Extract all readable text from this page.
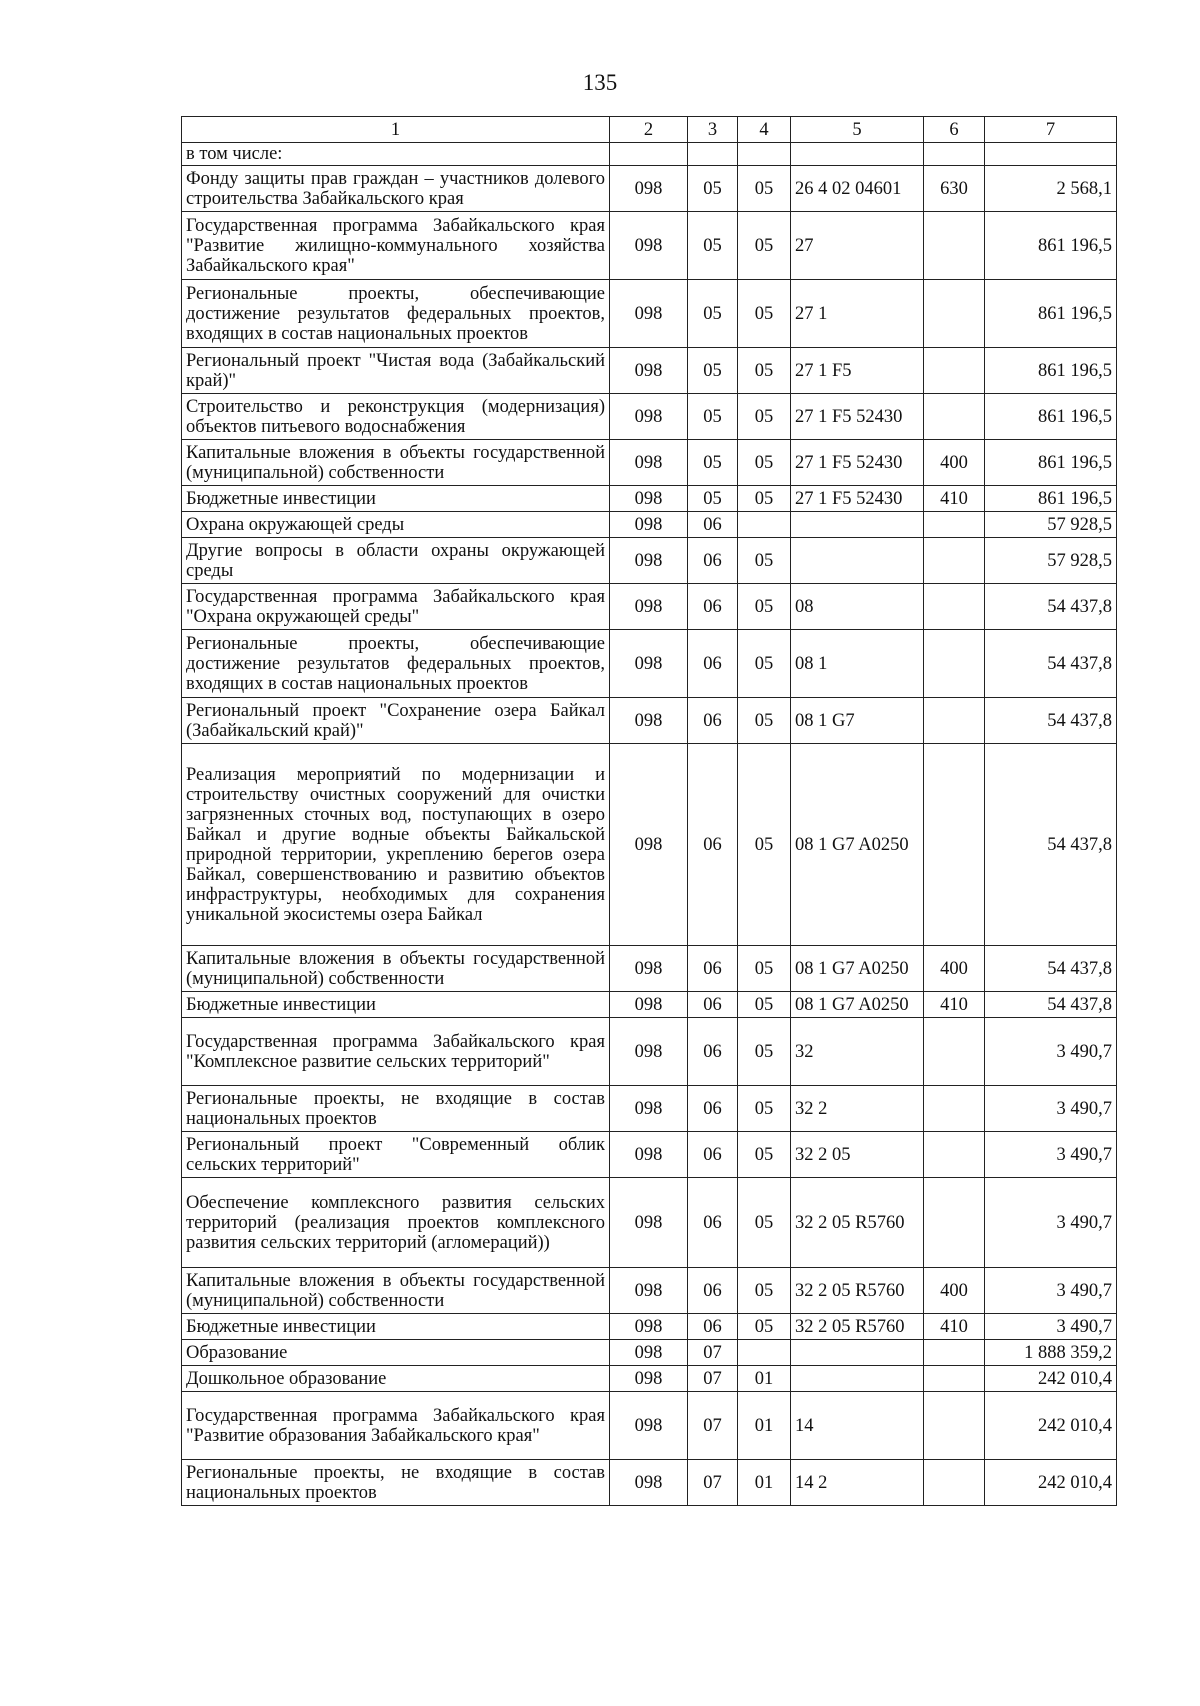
135
1	2	3	4	5	6	7
в том числе:						
Фонду защиты прав граждан – участников долевого строительства Забайкальского края	098	05	05	26 4 02 04601	630	2 568,1
Государственная программа Забайкальского края "Развитие жилищно-коммунального хозяйства Забайкальского края"	098	05	05	27		861 196,5
Региональные проекты, обеспечивающие достижение результатов федеральных проектов, входящих в состав национальных проектов	098	05	05	27 1		861 196,5
Региональный проект "Чистая вода (Забайкальский край)"	098	05	05	27 1 F5		861 196,5
Строительство и реконструкция (модернизация) объектов питьевого водоснабжения	098	05	05	27 1 F5 52430		861 196,5
Капитальные вложения в объекты государственной (муниципальной) собственности	098	05	05	27 1 F5 52430	400	861 196,5
Бюджетные инвестиции	098	05	05	27 1 F5 52430	410	861 196,5
Охрана окружающей среды	098	06				57 928,5
Другие вопросы в области охраны окружающей среды	098	06	05			57 928,5
Государственная программа Забайкальского края "Охрана окружающей среды"	098	06	05	08		54 437,8
Региональные проекты, обеспечивающие достижение результатов федеральных проектов, входящих в состав национальных проектов	098	06	05	08 1		54 437,8
Региональный проект "Сохранение озера Байкал (Забайкальский край)"	098	06	05	08 1 G7		54 437,8
Реализация мероприятий по модернизации и строительству очистных сооружений для очистки загрязненных сточных вод, поступающих в озеро Байкал и другие водные объекты Байкальской природной территории, укреплению берегов озера Байкал, совершенствованию и развитию объектов инфраструктуры, необходимых для сохранения уникальной экосистемы озера Байкал	098	06	05	08 1 G7 A0250		54 437,8
Капитальные вложения в объекты государственной (муниципальной) собственности	098	06	05	08 1 G7 A0250	400	54 437,8
Бюджетные инвестиции	098	06	05	08 1 G7 A0250	410	54 437,8
Государственная программа Забайкальского края "Комплексное развитие сельских территорий"	098	06	05	32		3 490,7
Региональные проекты, не входящие в состав национальных проектов	098	06	05	32 2		3 490,7
Региональный проект "Современный облик сельских территорий"	098	06	05	32 2 05		3 490,7
Обеспечение комплексного развития сельских территорий (реализация проектов комплексного развития сельских территорий (агломераций))	098	06	05	32 2 05 R5760		3 490,7
Капитальные вложения в объекты государственной (муниципальной) собственности	098	06	05	32 2 05 R5760	400	3 490,7
Бюджетные инвестиции	098	06	05	32 2 05 R5760	410	3 490,7
Образование	098	07				1 888 359,2
Дошкольное образование	098	07	01			242 010,4
Государственная программа Забайкальского края "Развитие образования Забайкальского края"	098	07	01	14		242 010,4
Региональные проекты, не входящие в состав национальных проектов	098	07	01	14 2		242 010,4
